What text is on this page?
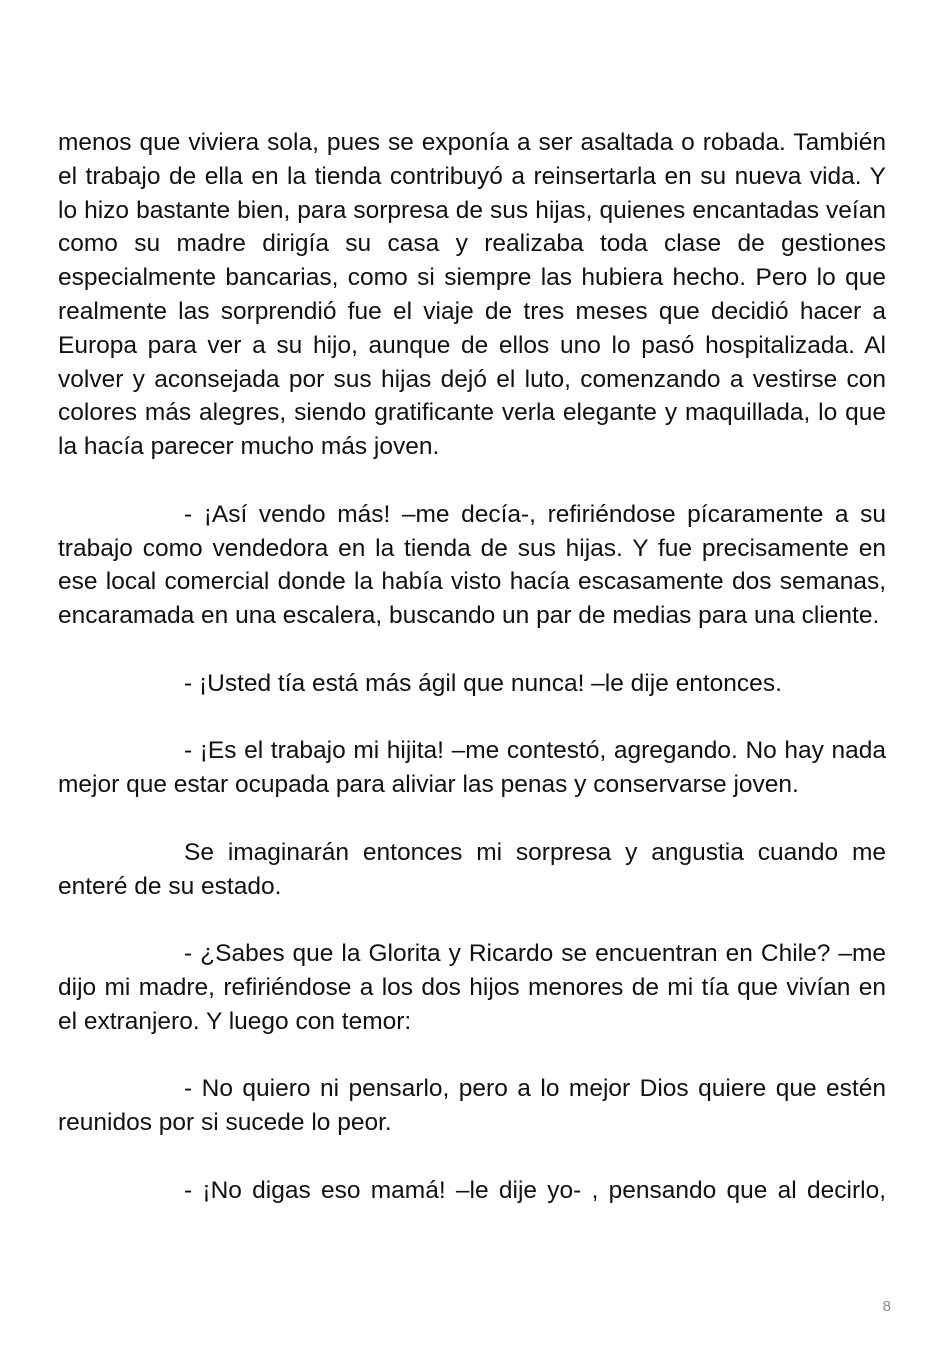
menos que viviera sola, pues se exponía a ser asaltada o robada. También el trabajo de ella en la tienda contribuyó a reinsertarla en su nueva vida. Y lo hizo bastante bien, para sorpresa de sus hijas, quienes encantadas veían como su madre dirigía su casa y realizaba toda clase de gestiones especialmente bancarias, como si siempre las hubiera hecho. Pero lo que realmente las sorprendió fue el viaje de tres meses que decidió hacer a Europa para ver a su hijo, aunque de ellos uno lo pasó hospitalizada. Al volver y aconsejada por sus hijas dejó el luto, comenzando a vestirse con colores más alegres, siendo gratificante verla elegante y maquillada, lo que la hacía parecer mucho más joven.

- ¡Así vendo más! –me decía-, refiriéndose pícaramente a su trabajo como vendedora en la tienda de sus hijas. Y fue precisamente en ese local comercial donde la había visto hacía escasamente dos semanas, encaramada en una escalera, buscando un par de medias para una cliente.

- ¡Usted tía está más ágil que nunca! –le dije entonces.

- ¡Es el trabajo mi hijita! –me contestó, agregando. No hay nada mejor que estar ocupada para aliviar las penas y conservarse joven.

Se imaginarán entonces mi sorpresa y angustia cuando me enteré de su estado.

- ¿Sabes que la Glorita y Ricardo se encuentran en Chile? –me dijo mi madre, refiriéndose a los dos hijos menores de mi tía que vivían en el extranjero. Y luego con temor:

- No quiero ni pensarlo, pero a lo mejor Dios quiere que estén reunidos por si sucede lo peor.

- ¡No digas eso mamá! –le dije yo- , pensando que al decirlo,

8
